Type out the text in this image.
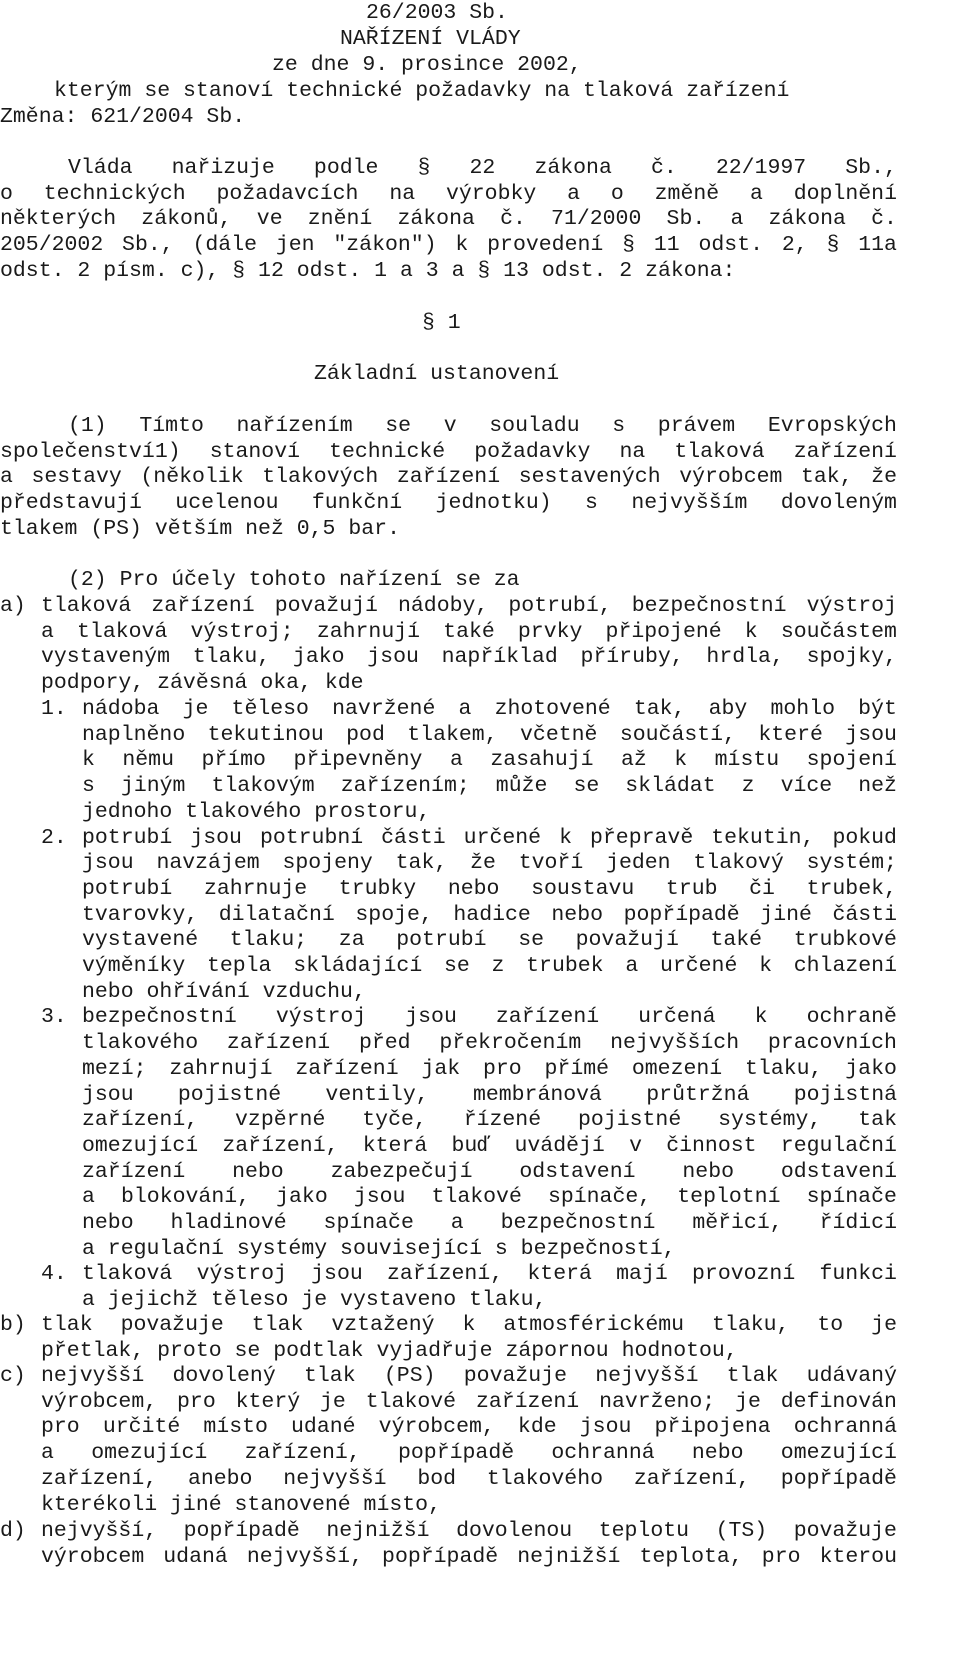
26/2003 Sb.
NAŘÍZENÍ VLÁDY
ze dne 9. prosince 2002,
kterým se stanoví technické požadavky na tlaková zařízení
Změna: 621/2004 Sb.
Vláda nařizuje podle § 22 zákona č. 22/1997 Sb.,
o technických požadavcích na výrobky a o změně a doplnění
některých zákonů, ve znění zákona č. 71/2000 Sb. a zákona č.
205/2002 Sb., (dále jen "zákon") k provedení § 11 odst. 2, § 11a
odst. 2 písm. c), § 12 odst. 1 a 3 a § 13 odst. 2 zákona:
§ 1
Základní ustanovení
(1) Tímto nařízením se v souladu s právem Evropských
společenství1) stanoví technické požadavky na tlaková zařízení
a sestavy (několik tlakových zařízení sestavených výrobcem tak, že
představují ucelenou funkční jednotku) s nejvyšším dovoleným
tlakem (PS) větším než 0,5 bar.
(2) Pro účely tohoto nařízení se za
a) tlaková zařízení považují nádoby, potrubí, bezpečnostní výstroj
a tlaková výstroj; zahrnují také prvky připojené k součástem
vystaveným tlaku, jako jsou například příruby, hrdla, spojky,
podpory, závěsná oka, kde
1. nádoba je těleso navržené a zhotovené tak, aby mohlo být
naplněno tekutinou pod tlakem, včetně součástí, které jsou
k němu přímo připevněny a zasahují až k místu spojení
s jiným tlakovým zařízením; může se skládat z více než
jednoho tlakového prostoru,
2. potrubí jsou potrubní části určené k přepravě tekutin, pokud
jsou navzájem spojeny tak, že tvoří jeden tlakový systém;
potrubí zahrnuje trubky nebo soustavu trub či trubek,
tvarovky, dilatační spoje, hadice nebo popřípadě jiné části
vystavené tlaku; za potrubí se považují také trubkové
výměníky tepla skládající se z trubek a určené k chlazení
nebo ohřívání vzduchu,
3. bezpečnostní výstroj jsou zařízení určená k ochraně
tlakového zařízení před překročením nejvyšších pracovních
mezí; zahrnují zařízení jak pro přímé omezení tlaku, jako
jsou pojistné ventily, membránová průtržná pojistná
zařízení, vzpěrné tyče, řízené pojistné systémy, tak
omezující zařízení, která buď uvádějí v činnost regulační
zařízení nebo zabezpečují odstavení nebo odstavení
a blokování, jako jsou tlakové spínače, teplotní spínače
nebo hladinové spínače a bezpečnostní měřicí, řídicí
a regulační systémy související s bezpečností,
4. tlaková výstroj jsou zařízení, která mají provozní funkci
a jejichž těleso je vystaveno tlaku,
b) tlak považuje tlak vztažený k atmosférickému tlaku, to je
přetlak, proto se podtlak vyjadřuje zápornou hodnotou,
c) nejvyšší dovolený tlak (PS) považuje nejvyšší tlak udávaný
výrobcem, pro který je tlakové zařízení navrženo; je definován
pro určité místo udané výrobcem, kde jsou připojena ochranná
a omezující zařízení, popřípadě ochranná nebo omezující
zařízení, anebo nejvyšší bod tlakového zařízení, popřípadě
kterékoli jiné stanovené místo,
d) nejvyšší, popřípadě nejnižší dovolenou teplotu (TS) považuje
výrobcem udaná nejvyšší, popřípadě nejnižší teplota, pro kterou
